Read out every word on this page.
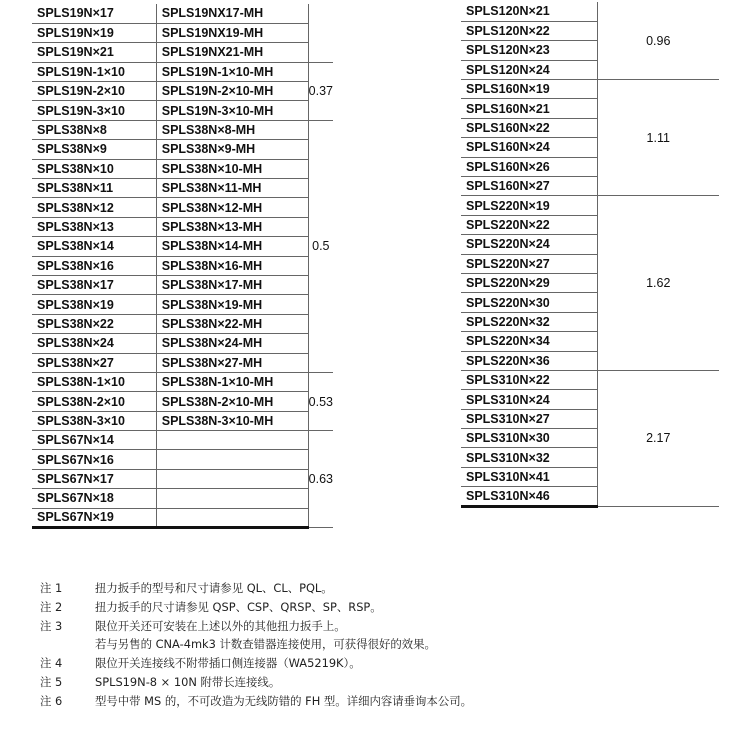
SPLS19N×17	SPLS19NX17-MH	
SPLS19N×19	SPLS19NX19-MH	
SPLS19N×21	SPLS19NX21-MH	
SPLS19N-1×10	SPLS19N-1×10-MH	0.37
SPLS19N-2×10	SPLS19N-2×10-MH	
SPLS19N-3×10	SPLS19N-3×10-MH	
SPLS38N×8	SPLS38N×8-MH	0.5
SPLS38N×9	SPLS38N×9-MH	
SPLS38N×10	SPLS38N×10-MH	
SPLS38N×11	SPLS38N×11-MH	
SPLS38N×12	SPLS38N×12-MH	
SPLS38N×13	SPLS38N×13-MH	
SPLS38N×14	SPLS38N×14-MH	
SPLS38N×16	SPLS38N×16-MH	
SPLS38N×17	SPLS38N×17-MH	
SPLS38N×19	SPLS38N×19-MH	
SPLS38N×22	SPLS38N×22-MH	
SPLS38N×24	SPLS38N×24-MH	
SPLS38N×27	SPLS38N×27-MH	
SPLS38N-1×10	SPLS38N-1×10-MH	0.53
SPLS38N-2×10	SPLS38N-2×10-MH	
SPLS38N-3×10	SPLS38N-3×10-MH	
SPLS67N×14		0.63
SPLS67N×16		
SPLS67N×17		
SPLS67N×18		
SPLS67N×19		
SPLS120N×21	0.96
SPLS120N×22	
SPLS120N×23	
SPLS120N×24	
SPLS160N×19	1.11
SPLS160N×21	
SPLS160N×22	
SPLS160N×24	
SPLS160N×26	
SPLS160N×27	
SPLS220N×19	1.62
SPLS220N×22	
SPLS220N×24	
SPLS220N×27	
SPLS220N×29	
SPLS220N×30	
SPLS220N×32	
SPLS220N×34	
SPLS220N×36	
SPLS310N×22	2.17
SPLS310N×24	
SPLS310N×27	
SPLS310N×30	
SPLS310N×32	
SPLS310N×41	
SPLS310N×46	
注 1	扭力扳手的型号和尺寸请参见 QL、CL、PQL。
注 2	扭力扳手的尺寸请参见 QSP、CSP、QRSP、SP、RSP。
注 3	限位开关还可安装在上述以外的其他扭力扳手上。
若与另售的 CNA-4mk3 计数查错器连接使用，可获得很好的效果。
注 4	限位开关连接线不附带插口侧连接器（WA5219K）。
注 5	SPLS19N-8 × 10N 附带长连接线。
注 6	型号中带 MS 的，不可改造为无线防错的 FH 型。详细内容请垂询本公司。
